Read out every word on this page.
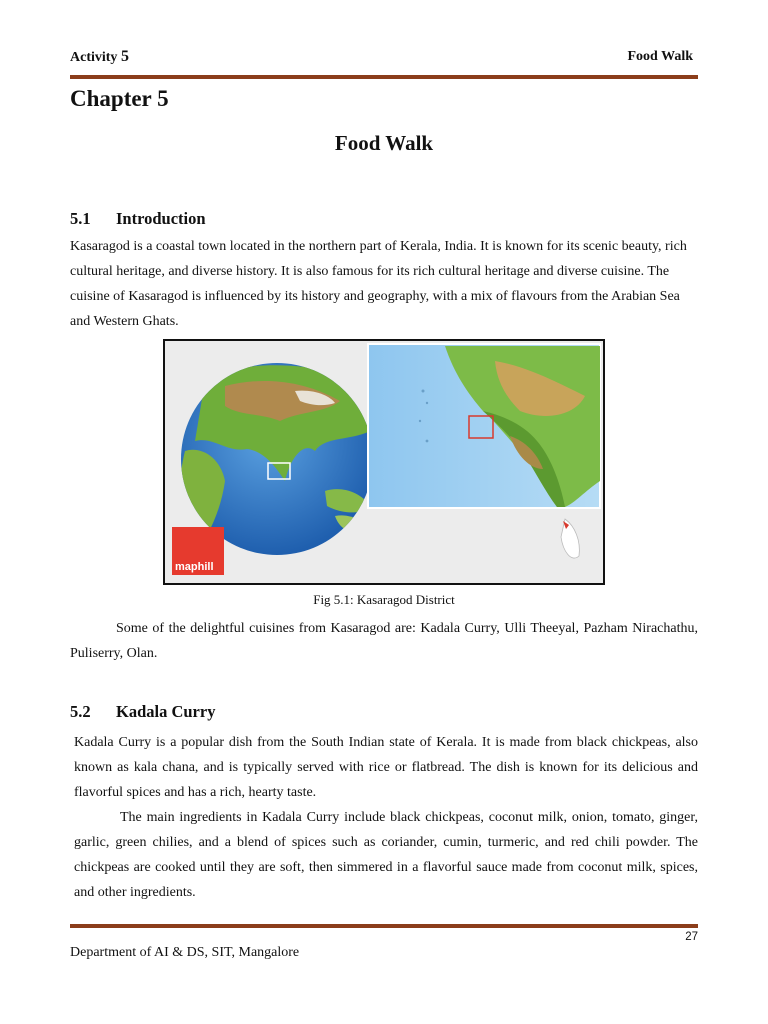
Activity 5	Food Walk
Chapter 5
Food Walk
5.1 Introduction

Kasaragod is a coastal town located in the northern part of Kerala, India. It is known for its scenic beauty, rich cultural heritage, and diverse history. It is also famous for its rich cultural heritage and diverse cuisine. The cuisine of Kasaragod is influenced by its history and geography, with a mix of flavours from the Arabian Sea and Western Ghats.

maphill
Fig 5.1: Kasaragod District

Some of the delightful cuisines from Kasaragod are: Kadala Curry, Ulli Theeyal, Pazham Nirachathu, Puliserry, Olan.

5.2 Kadala Curry

Kadala Curry is a popular dish from the South Indian state of Kerala. It is made from black chickpeas, also known as kala chana, and is typically served with rice or flatbread. The dish is known for its delicious and flavorful spices and has a rich, hearty taste.

The main ingredients in Kadala Curry include black chickpeas, coconut milk, onion, tomato, ginger, garlic, green chilies, and a blend of spices such as coriander, cumin, turmeric, and red chili powder. The chickpeas are cooked until they are soft, then simmered in a flavorful sauce made from coconut milk, spices, and other ingredients.

27
Department of AI & DS, SIT, Mangalore
